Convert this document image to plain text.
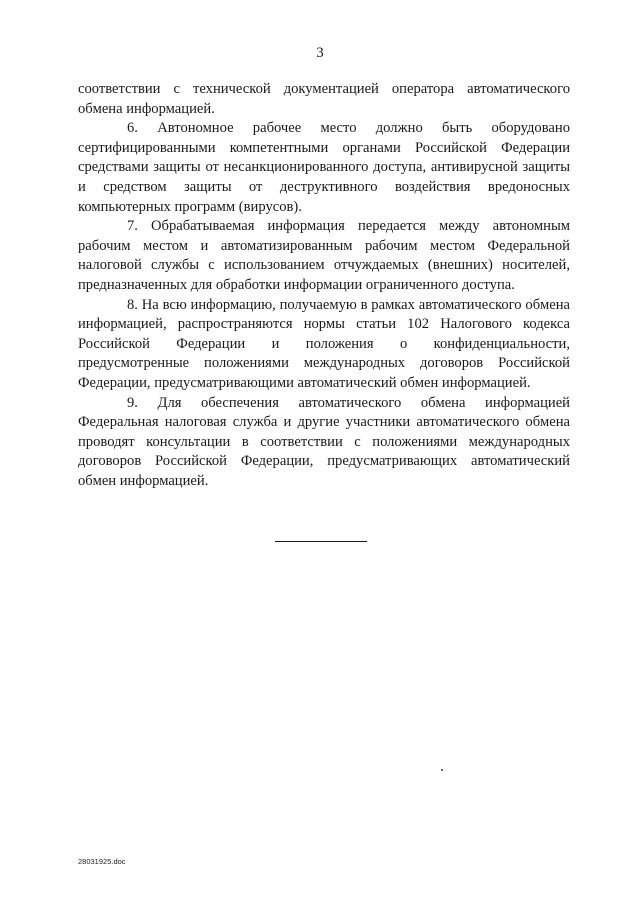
3

соответствии с технической документацией оператора автоматического обмена информацией.

6. Автономное рабочее место должно быть оборудовано сертифицированными компетентными органами Российской Федерации средствами защиты от несанкционированного доступа, антивирусной защиты и средством защиты от деструктивного воздействия вредоносных компьютерных программ (вирусов).

7. Обрабатываемая информация передается между автономным рабочим местом и автоматизированным рабочим местом Федеральной налоговой службы с использованием отчуждаемых (внешних) носителей, предназначенных для обработки информации ограниченного доступа.

8. На всю информацию, получаемую в рамках автоматического обмена информацией, распространяются нормы статьи 102 Налогового кодекса Российской Федерации и положения о конфиденциальности, предусмотренные положениями международных договоров Российской Федерации, предусматривающими автоматический обмен информацией.

9. Для обеспечения автоматического обмена информацией Федеральная налоговая служба и другие участники автоматического обмена проводят консультации в соответствии с положениями международных договоров Российской Федерации, предусматривающих автоматический обмен информацией.

28031925.doc
